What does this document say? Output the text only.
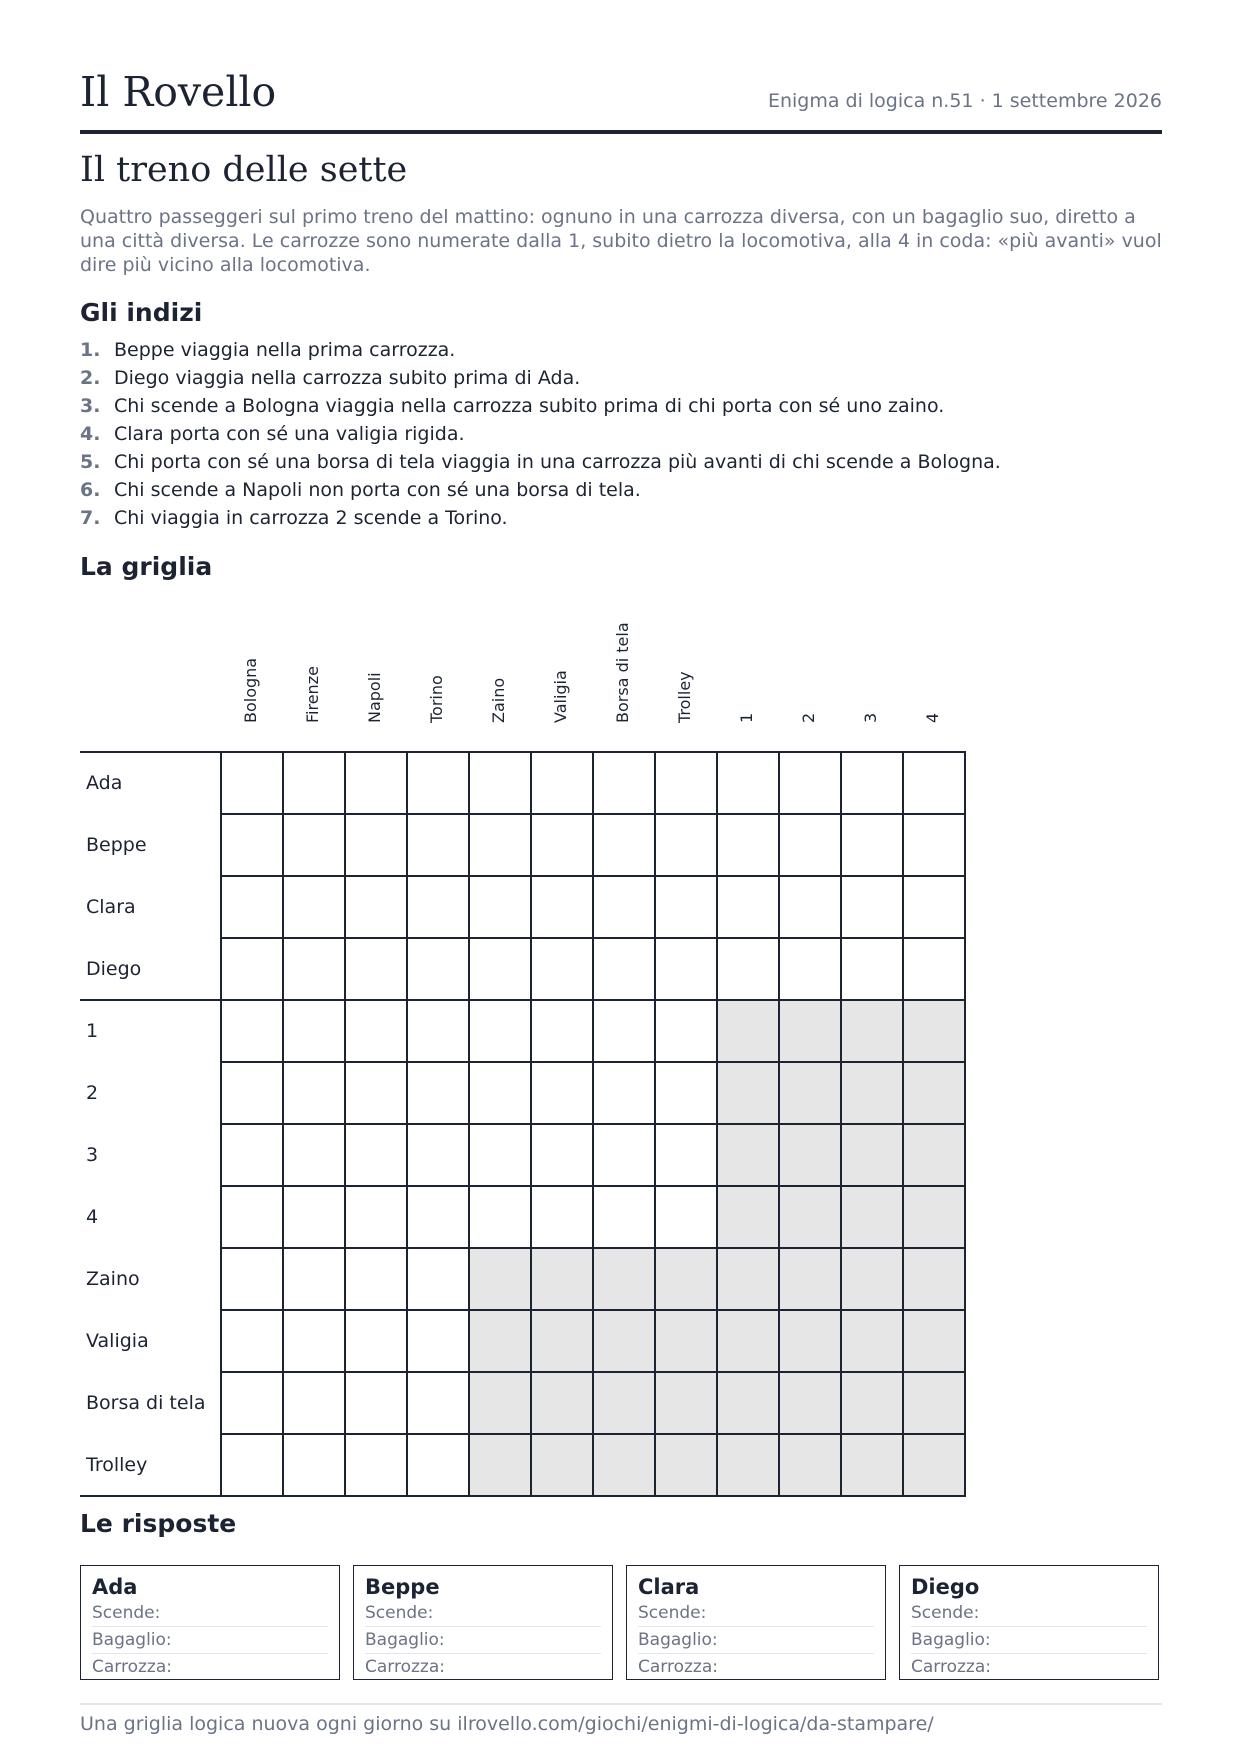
Il Rovello	Enigma di logica n.51 · 1 settembre 2026
Il treno delle sette

Quattro passeggeri sul primo treno del mattino: ognuno in una carrozza diversa, con un bagaglio suo, diretto a una città diversa. Le carrozze sono numerate dalla 1, subito dietro la locomotiva, alla 4 in coda: «più avanti» vuol dire più vicino alla locomotiva.

Gli indizi
1. Beppe viaggia nella prima carrozza.
2. Diego viaggia nella carrozza subito prima di Ada.
3. Chi scende a Bologna viaggia nella carrozza subito prima di chi porta con sé uno zaino.
4. Clara porta con sé una valigia rigida.
5. Chi porta con sé una borsa di tela viaggia in una carrozza più avanti di chi scende a Bologna.
6. Chi scende a Napoli non porta con sé una borsa di tela.
7. Chi viaggia in carrozza 2 scende a Torino.
La griglia
Bologna	Firenze	Napoli	Torino	Zaino	Valigia	Borsa di tela	Trolley	1	2	3	4
Ada
Beppe
Clara
Diego
1
2
3
4
Zaino
Valigia
Borsa di tela
Trolley
Le risposte
Ada
Scende:
Bagaglio:
Carrozza:
Beppe
Scende:
Bagaglio:
Carrozza:
Clara
Scende:
Bagaglio:
Carrozza:
Diego
Scende:
Bagaglio:
Carrozza:
Una griglia logica nuova ogni giorno su ilrovello.com/giochi/enigmi-di-logica/da-stampare/
